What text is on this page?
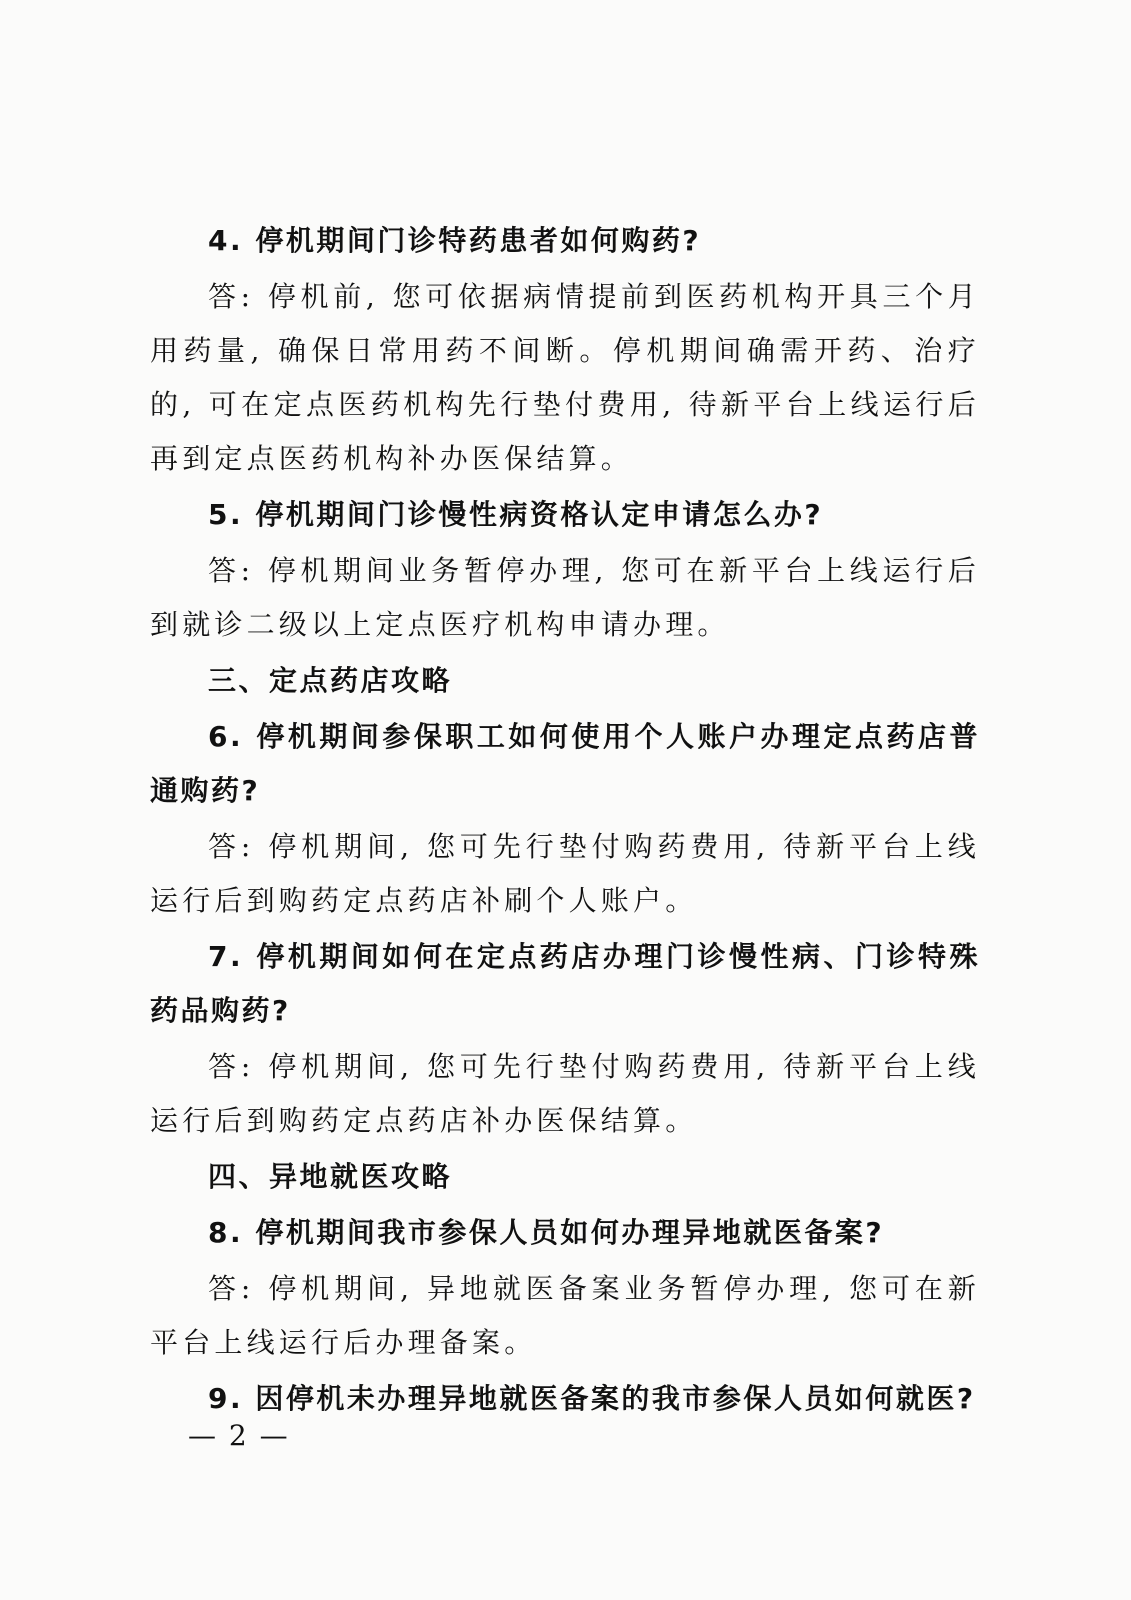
4. 停机期间门诊特药患者如何购药?

答: 停机前, 您可依据病情提前到医药机构开具三个月用药量, 确保日常用药不间断。停机期间确需开药、治疗的, 可在定点医药机构先行垫付费用, 待新平台上线运行后再到定点医药机构补办医保结算。

5. 停机期间门诊慢性病资格认定申请怎么办?

答: 停机期间业务暂停办理, 您可在新平台上线运行后到就诊二级以上定点医疗机构申请办理。

三、定点药店攻略

6. 停机期间参保职工如何使用个人账户办理定点药店普通购药?

答: 停机期间, 您可先行垫付购药费用, 待新平台上线运行后到购药定点药店补刷个人账户。

7. 停机期间如何在定点药店办理门诊慢性病、门诊特殊药品购药?

答: 停机期间, 您可先行垫付购药费用, 待新平台上线运行后到购药定点药店补办医保结算。

四、异地就医攻略

8. 停机期间我市参保人员如何办理异地就医备案?

答: 停机期间, 异地就医备案业务暂停办理, 您可在新平台上线运行后办理备案。

9. 因停机未办理异地就医备案的我市参保人员如何就医?

— 2 —
